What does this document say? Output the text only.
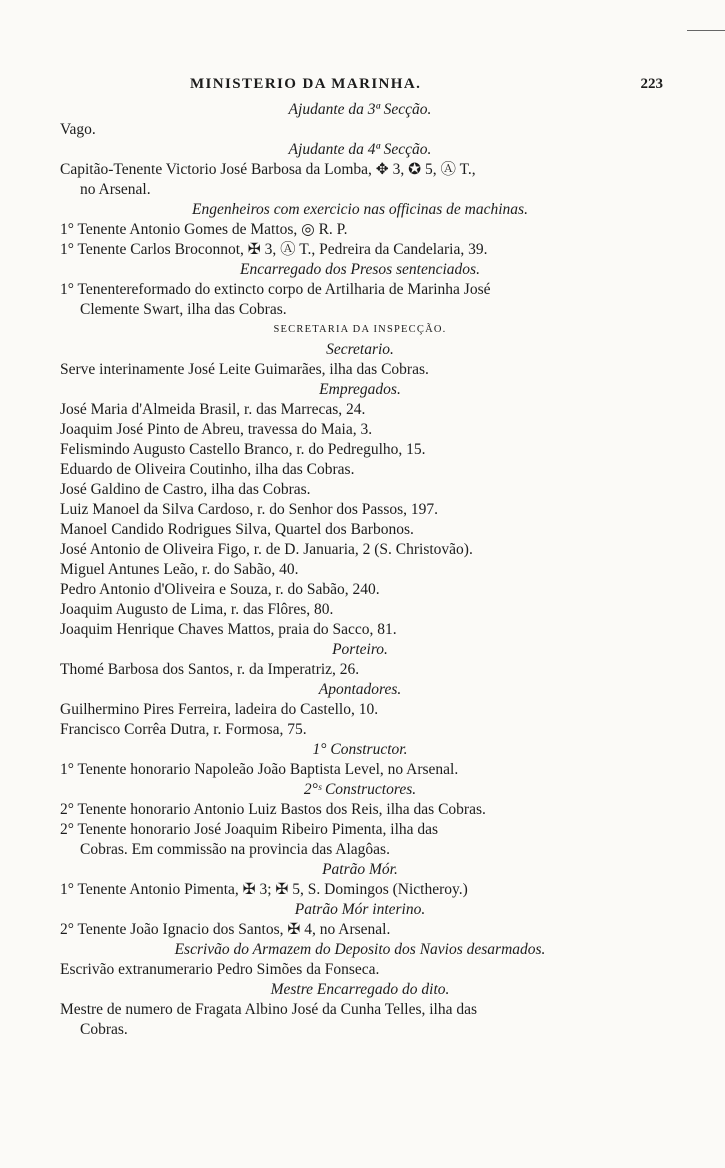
MINISTERIO DA MARINHA.	223
Ajudante da 3ª Secção.
Vago.
Ajudante da 4ª Secção.
Capitão-Tenente Victorio José Barbosa da Lomba, ✥ 3, ✪ 5, Ⓐ T.,
no Arsenal.
Engenheiros com exercicio nas officinas de machinas.
1° Tenente Antonio Gomes de Mattos, ◎ R. P.
1° Tenente Carlos Broconnot, ✠ 3, Ⓐ T., Pedreira da Candelaria, 39.
Encarregado dos Presos sentenciados.
1° Tenentereformado do extincto corpo de Artilharia de Marinha José
Clemente Swart, ilha das Cobras.
SECRETARIA DA INSPECÇÃO.
Secretario.
Serve interinamente José Leite Guimarães, ilha das Cobras.
Empregados.
José Maria d'Almeida Brasil, r. das Marrecas, 24.
Joaquim José Pinto de Abreu, travessa do Maia, 3.
Felismindo Augusto Castello Branco, r. do Pedregulho, 15.
Eduardo de Oliveira Coutinho, ilha das Cobras.
José Galdino de Castro, ilha das Cobras.
Luiz Manoel da Silva Cardoso, r. do Senhor dos Passos, 197.
Manoel Candido Rodrigues Silva, Quartel dos Barbonos.
José Antonio de Oliveira Figo, r. de D. Januaria, 2 (S. Christovão).
Miguel Antunes Leão, r. do Sabão, 40.
Pedro Antonio d'Oliveira e Souza, r. do Sabão, 240.
Joaquim Augusto de Lima, r. das Flôres, 80.
Joaquim Henrique Chaves Mattos, praia do Sacco, 81.
Porteiro.
Thomé Barbosa dos Santos, r. da Imperatriz, 26.
Apontadores.
Guilhermino Pires Ferreira, ladeira do Castello, 10.
Francisco Corrêa Dutra, r. Formosa, 75.
1° Constructor.
1° Tenente honorario Napoleão João Baptista Level, no Arsenal.
2°ˢ Constructores.
2° Tenente honorario Antonio Luiz Bastos dos Reis, ilha das Cobras.
2° Tenente honorario José Joaquim Ribeiro Pimenta, ilha das
Cobras. Em commissão na provincia das Alagôas.
Patrão Mór.
1° Tenente Antonio Pimenta, ✠ 3; ✠ 5, S. Domingos (Nictheroy.)
Patrão Mór interino.
2° Tenente João Ignacio dos Santos, ✠ 4, no Arsenal.
Escrivão do Armazem do Deposito dos Navios desarmados.
Escrivão extranumerario Pedro Simões da Fonseca.
Mestre Encarregado do dito.
Mestre de numero de Fragata Albino José da Cunha Telles, ilha das
Cobras.
